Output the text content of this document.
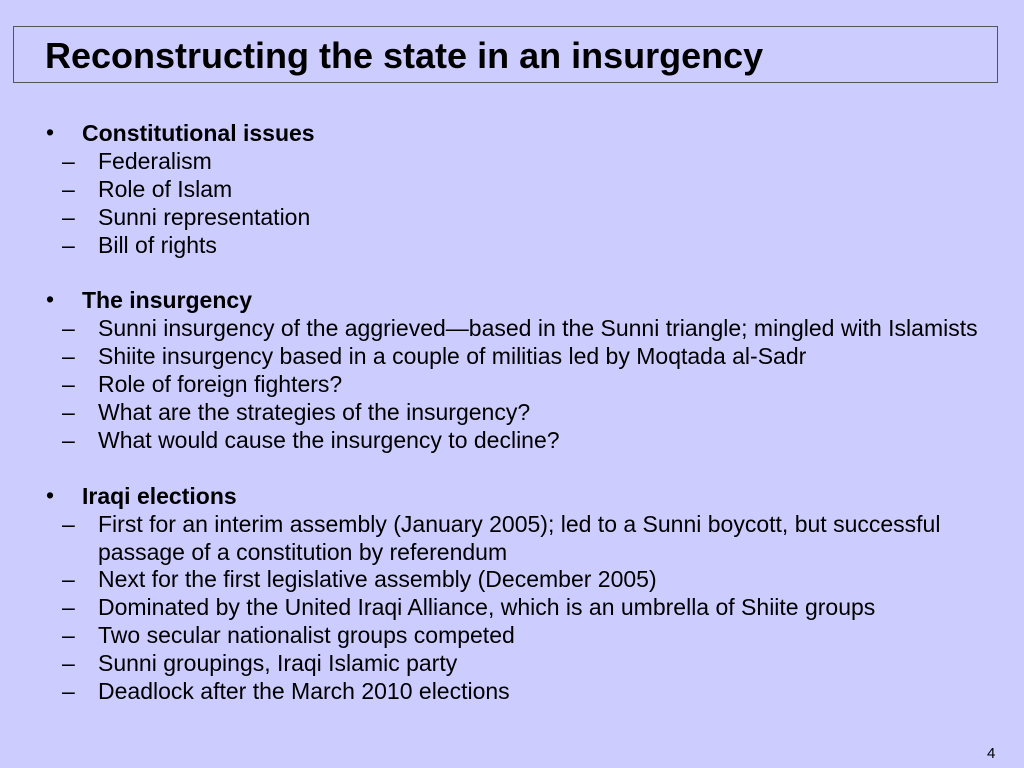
Reconstructing the state in an insurgency
• Constitutional issues
– Federalism
– Role of Islam
– Sunni representation
– Bill of rights
• The insurgency
– Sunni insurgency of the aggrieved—based in the Sunni triangle; mingled with Islamists
– Shiite insurgency based in a couple of militias led by Moqtada al-Sadr
– Role of foreign fighters?
– What are the strategies of the insurgency?
– What would cause the insurgency to decline?
• Iraqi elections
– First for an interim assembly (January 2005); led to a Sunni boycott, but successful passage of a constitution by referendum
– Next for the first legislative assembly (December 2005)
– Dominated by the United Iraqi Alliance, which is an umbrella of Shiite groups
– Two secular nationalist groups competed
– Sunni groupings, Iraqi Islamic party
– Deadlock after the March 2010 elections
4
